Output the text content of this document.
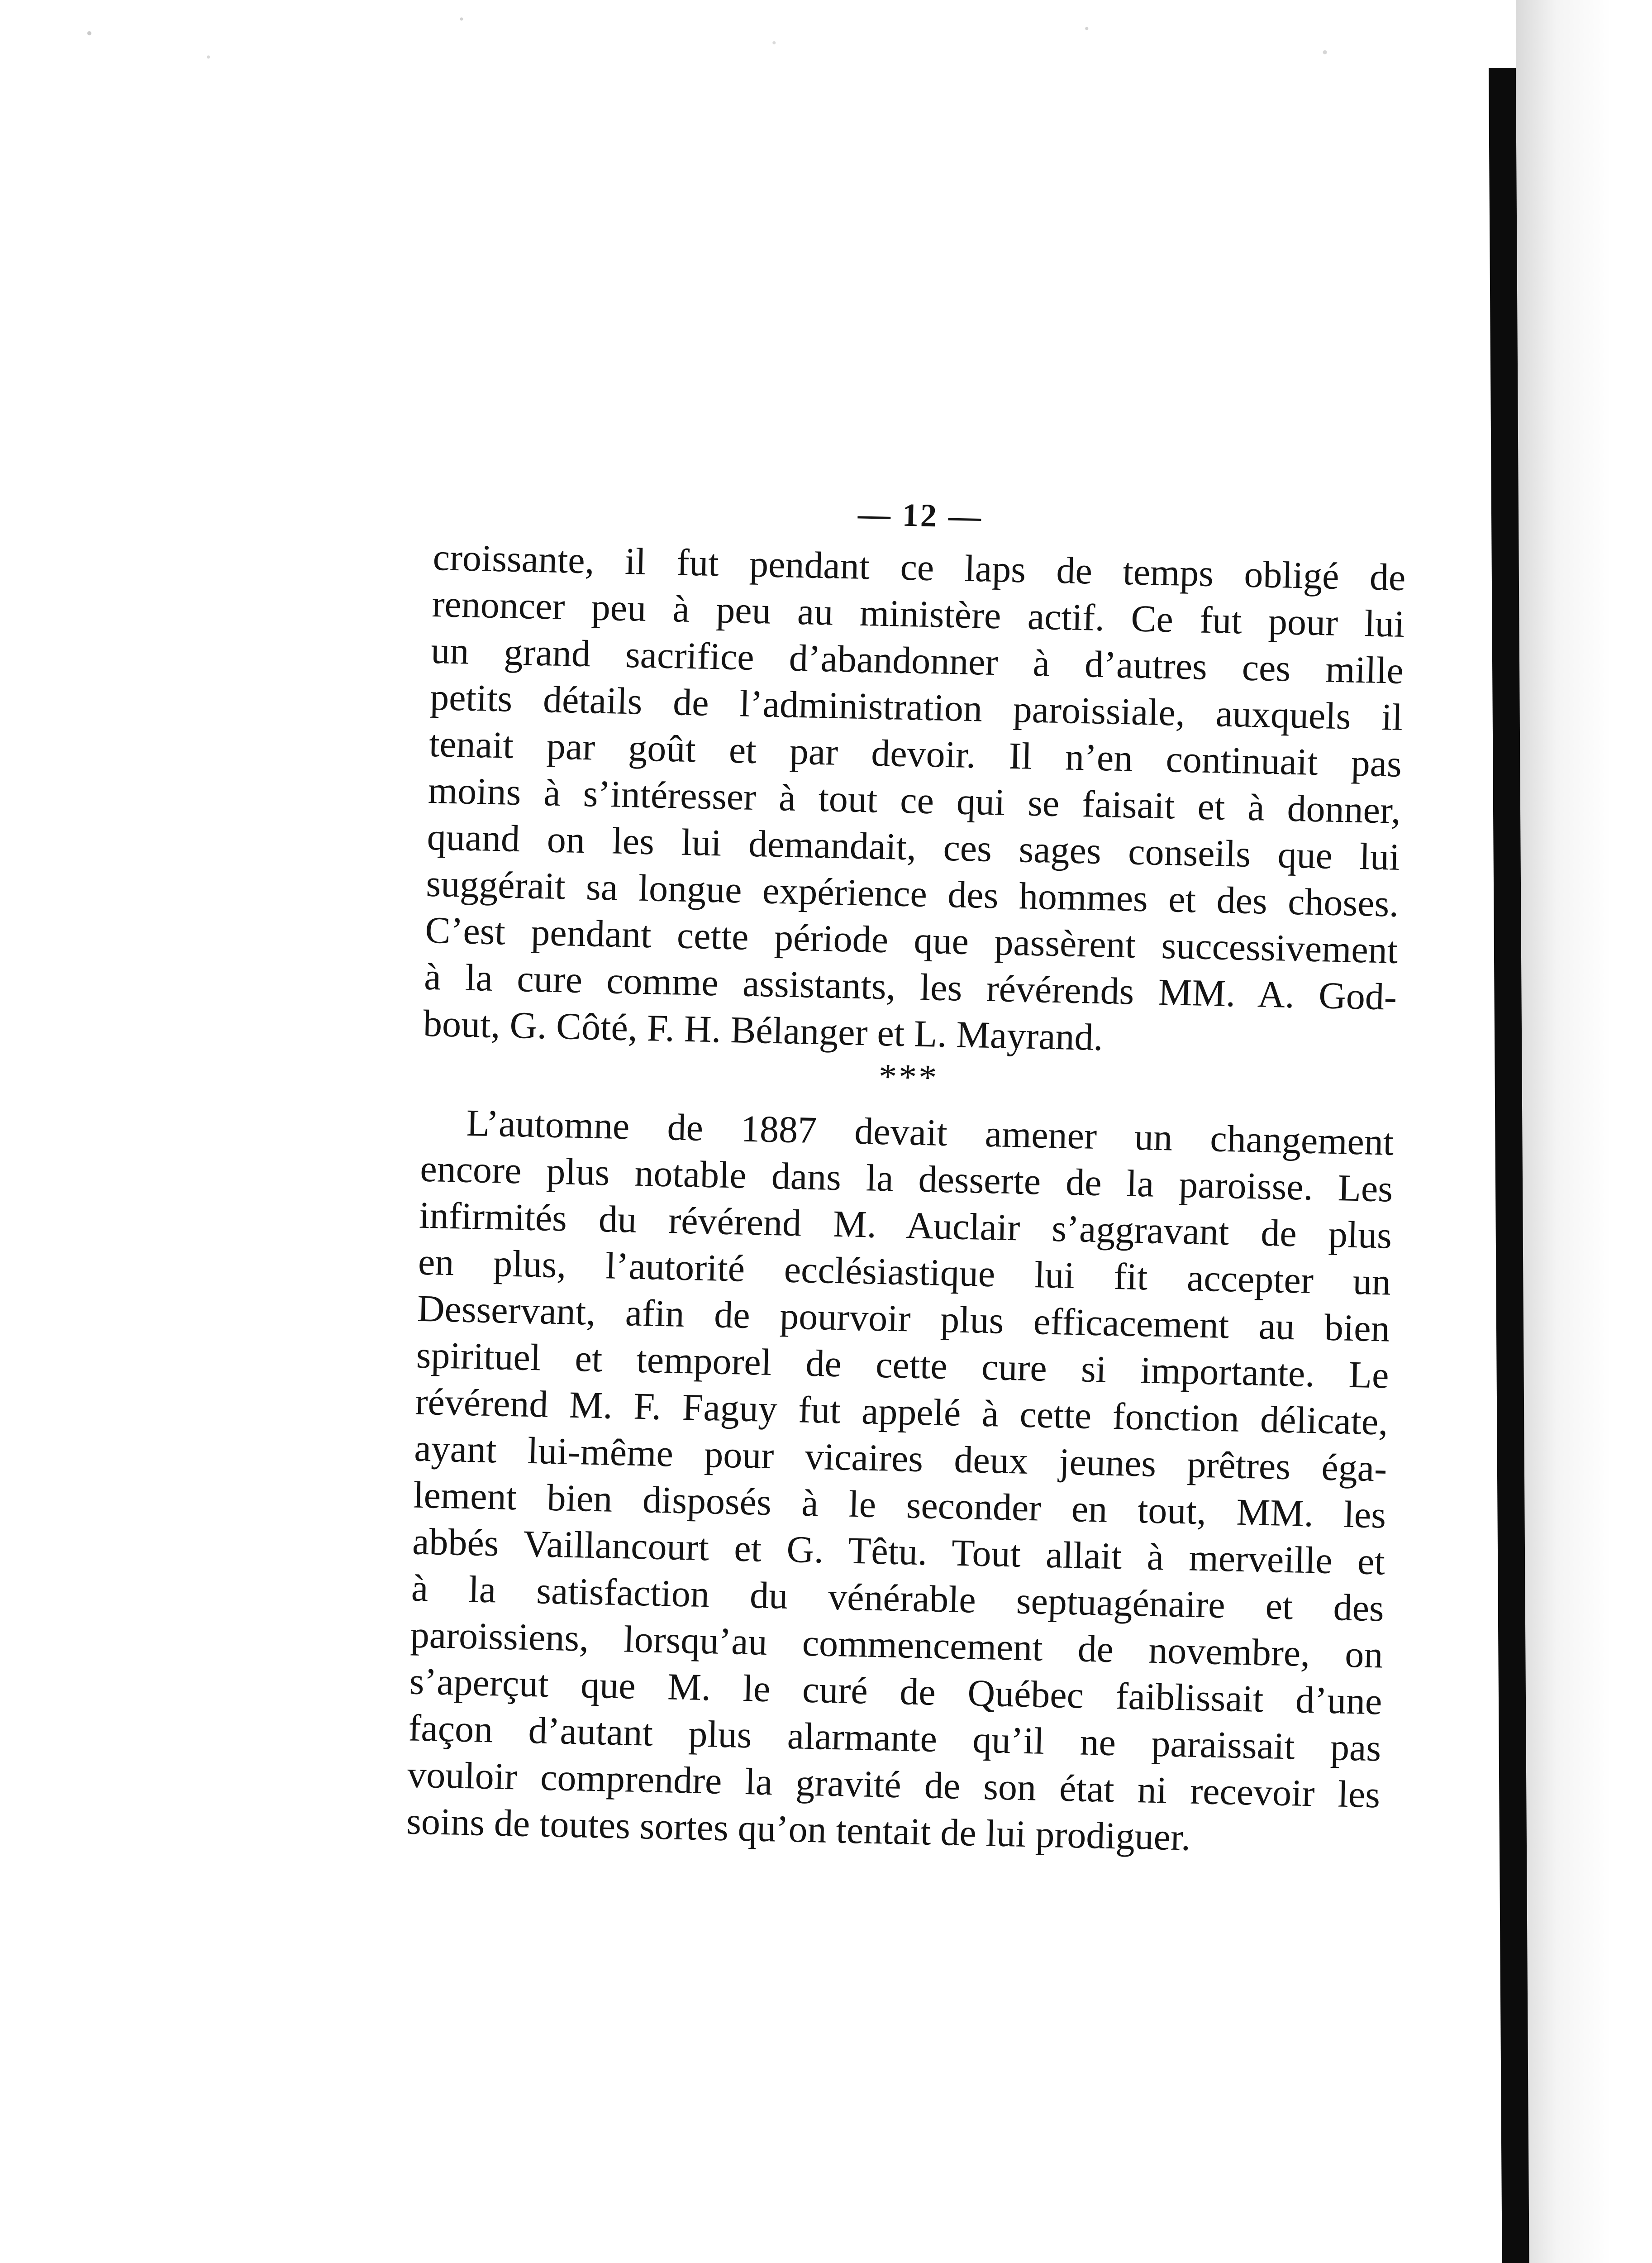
— 12 —

croissante, il fut pendant ce laps de temps obligé de
renoncer peu à peu au ministère actif. Ce fut pour lui
un grand sacrifice d’abandonner à d’autres ces mille
petits détails de l’administration paroissiale, auxquels il
tenait par goût et par devoir. Il n’en continuait pas
moins à s’intéresser à tout ce qui se faisait et à donner,
quand on les lui demandait, ces sages conseils que lui
suggérait sa longue expérience des hommes et des choses.
C’est pendant cette période que passèrent successivement
à la cure comme assistants, les révérends MM. A. God-
bout, G. Côté, F. H. Bélanger et L. Mayrand.

***

L’automne de 1887 devait amener un changement
encore plus notable dans la desserte de la paroisse. Les
infirmités du révérend M. Auclair s’aggravant de plus
en plus, l’autorité ecclésiastique lui fit accepter un
Desservant, afin de pourvoir plus efficacement au bien
spirituel et temporel de cette cure si importante. Le
révérend M. F. Faguy fut appelé à cette fonction délicate,
ayant lui-même pour vicaires deux jeunes prêtres éga-
lement bien disposés à le seconder en tout, MM. les
abbés Vaillancourt et G. Têtu. Tout allait à merveille et
à la satisfaction du vénérable septuagénaire et des
paroissiens, lorsqu’au commencement de novembre, on
s’aperçut que M. le curé de Québec faiblissait d’une
façon d’autant plus alarmante qu’il ne paraissait pas
vouloir comprendre la gravité de son état ni recevoir les
soins de toutes sortes qu’on tentait de lui prodiguer.
